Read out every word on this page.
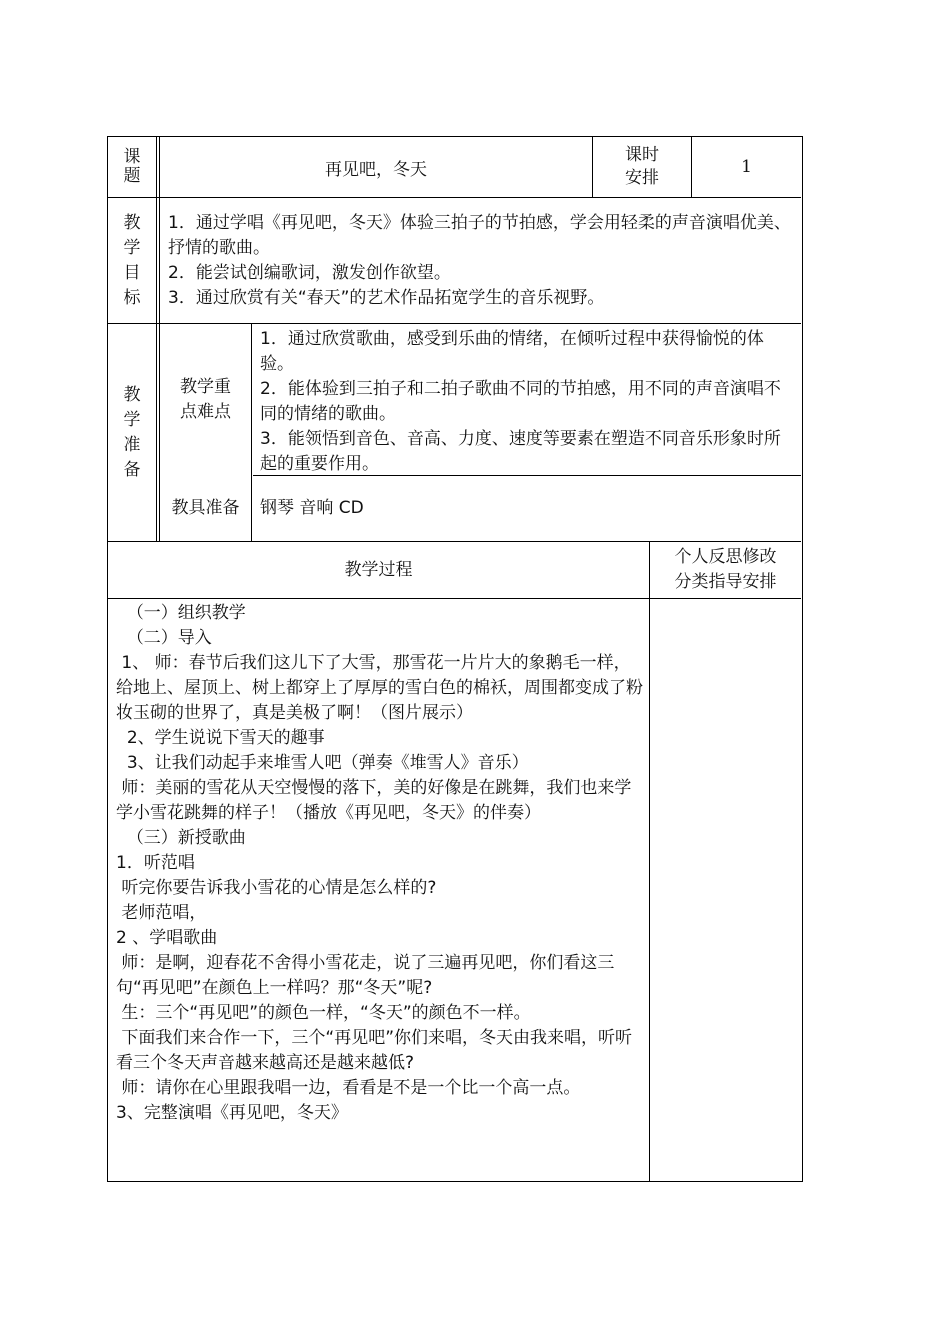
课题	再见吧，冬天
课时
安排
1
教学目标

1．通过学唱《再见吧，冬天》体验三拍子的节拍感，学会用轻柔的声音演唱优美、抒情的歌曲。

2．能尝试创编歌词，激发创作欲望。

3．通过欣赏有关“春天”的艺术作品拓宽学生的音乐视野。

教学准备
教学重
点难点

1．通过欣赏歌曲，感受到乐曲的情绪，在倾听过程中获得愉悦的体验。

2．能体验到三拍子和二拍子歌曲不同的节拍感，用不同的声音演唱不同的情绪的歌曲。

3．能领悟到音色、音高、力度、速度等要素在塑造不同音乐形象时所起的重要作用。

教具准备	钢琴 音响 CD
教学过程
个人反思修改
分类指导安排

（一）组织教学

（二）导入

1、 师：春节后我们这儿下了大雪，那雪花一片片大的象鹅毛一样，给地上、屋顶上、树上都穿上了厚厚的雪白色的棉袄，周围都变成了粉妆玉砌的世界了，真是美极了啊！（图片展示）

2、学生说说下雪天的趣事

3、让我们动起手来堆雪人吧（弹奏《堆雪人》音乐）

师：美丽的雪花从天空慢慢的落下，美的好像是在跳舞，我们也来学学小雪花跳舞的样子！（播放《再见吧，冬天》的伴奏）

（三）新授歌曲

1．听范唱

听完你要告诉我小雪花的心情是怎么样的?

老师范唱，

2 、学唱歌曲

师：是啊，迎春花不舍得小雪花走，说了三遍再见吧，你们看这三句“再见吧”在颜色上一样吗？那“冬天”呢?

生：三个“再见吧”的颜色一样，“冬天”的颜色不一样。

下面我们来合作一下，三个“再见吧”你们来唱，冬天由我来唱，听听看三个冬天声音越来越高还是越来越低?

师：请你在心里跟我唱一边，看看是不是一个比一个高一点。

3、完整演唱《再见吧，冬天》
